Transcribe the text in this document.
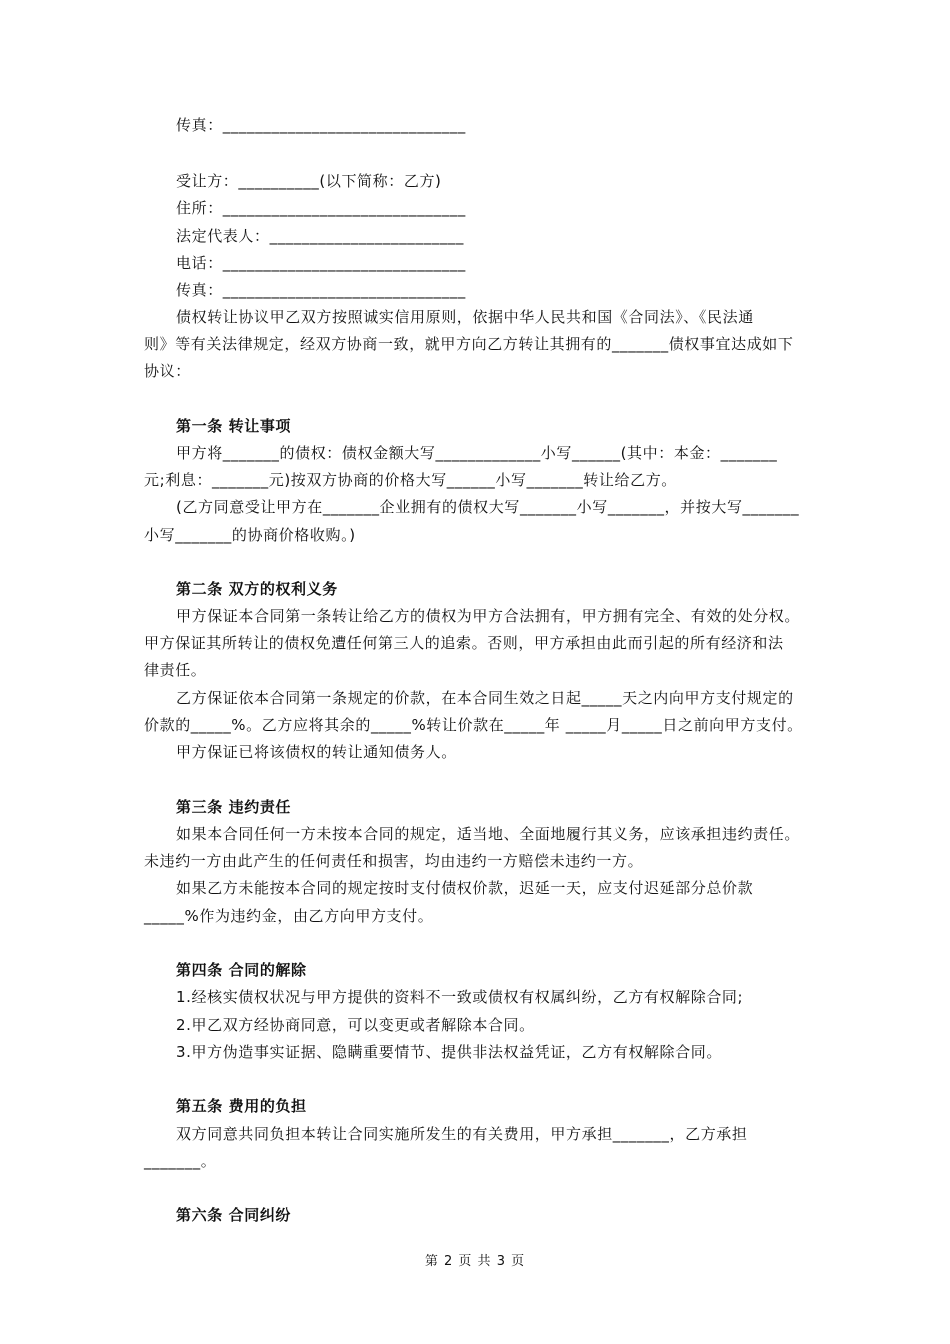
传真：______________________________
受让方：__________(以下简称：乙方)
住所：______________________________
法定代表人：________________________
电话：______________________________
传真：______________________________
债权转让协议甲乙双方按照诚实信用原则，依据中华人民共和国《合同法》、《民法通
则》等有关法律规定，经双方协商一致，就甲方向乙方转让其拥有的_______债权事宜达成如下
协议：
第一条 转让事项
甲方将_______的债权：债权金额大写_____________小写______(其中：本金：_______
元;利息：_______元)按双方协商的价格大写______小写_______转让给乙方。
(乙方同意受让甲方在_______企业拥有的债权大写_______小写_______，并按大写_______
小写_______的协商价格收购。)
第二条 双方的权利义务
甲方保证本合同第一条转让给乙方的债权为甲方合法拥有，甲方拥有完全、有效的处分权。
甲方保证其所转让的债权免遭任何第三人的追索。否则，甲方承担由此而引起的所有经济和法
律责任。
乙方保证依本合同第一条规定的价款，在本合同生效之日起_____天之内向甲方支付规定的
价款的_____%。乙方应将其余的_____%转让价款在_____年 _____月_____日之前向甲方支付。
甲方保证已将该债权的转让通知债务人。
第三条 违约责任
如果本合同任何一方未按本合同的规定，适当地、全面地履行其义务，应该承担违约责任。
未违约一方由此产生的任何责任和损害，均由违约一方赔偿未违约一方。
如果乙方未能按本合同的规定按时支付债权价款，迟延一天，应支付迟延部分总价款
_____%作为违约金，由乙方向甲方支付。
第四条 合同的解除
1.经核实债权状况与甲方提供的资料不一致或债权有权属纠纷，乙方有权解除合同;
2.甲乙双方经协商同意，可以变更或者解除本合同。
3.甲方伪造事实证据、隐瞒重要情节、提供非法权益凭证，乙方有权解除合同。
第五条 费用的负担
双方同意共同负担本转让合同实施所发生的有关费用，甲方承担_______，乙方承担
_______。
第六条 合同纠纷
第 2 页 共 3 页
